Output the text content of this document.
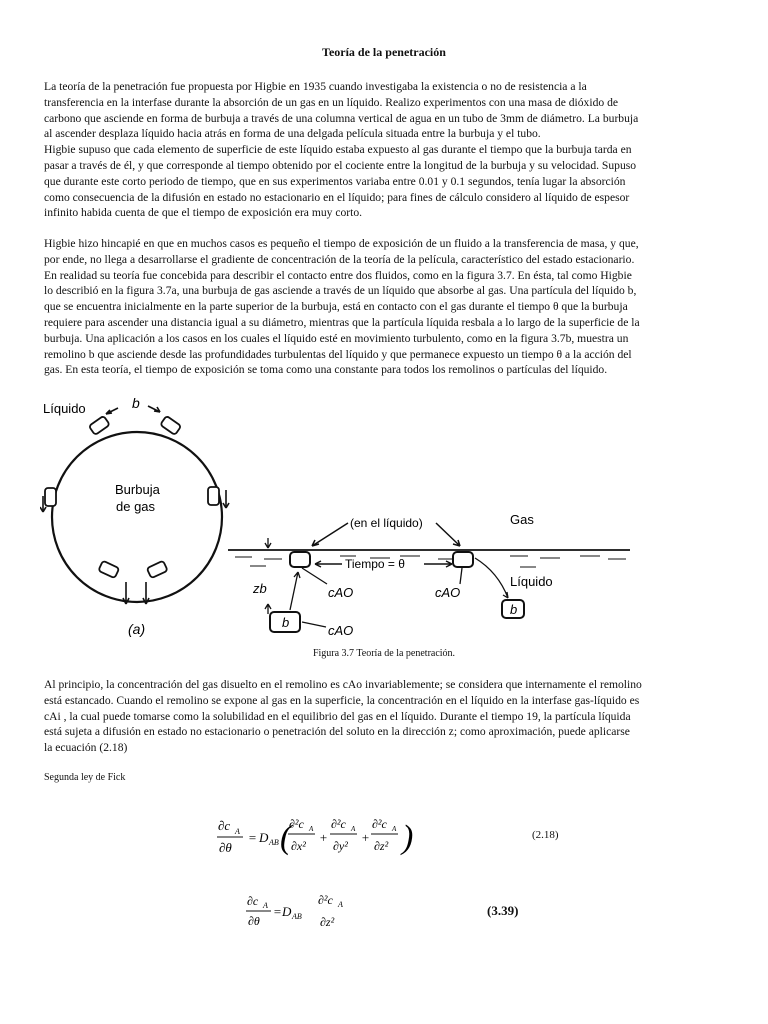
Teoría de la penetración

La teoría de la penetración fue propuesta por Higbie en 1935 cuando investigaba la existencia o no de resistencia a la
transferencia en la interfase durante la absorción de un gas en un líquido. Realizo experimentos con una masa de dióxido de
carbono que asciende en forma de burbuja a través de una columna vertical de agua en un tubo de 3mm de diámetro. La burbuja
al ascender desplaza líquido hacia atrás en forma de una delgada película situada entre la burbuja y el tubo.
Higbie supuso que cada elemento de superficie de este líquido estaba expuesto al gas durante el tiempo que la burbuja tarda en
pasar a través de él, y que corresponde al tiempo obtenido por el cociente entre la longitud de la burbuja y su velocidad. Supuso
que durante este corto periodo de tiempo, que en sus experimentos variaba entre 0.01 y 0.1 segundos, tenía lugar la absorción
como consecuencia de la difusión en estado no estacionario en el líquido; para fines de cálculo considero al líquido de espesor
infinito habida cuenta de que el tiempo de exposición era muy corto.

Higbie hizo hincapié en que en muchos casos es pequeño el tiempo de exposición de un fluido a la transferencia de masa, y que,
por ende, no llega a desarrollarse el gradiente de concentración de la teoría de la película, característico del estado estacionario.
En realidad su teoría fue concebida para describir el contacto entre dos fluidos, como en la figura 3.7. En ésta, tal como Higbie
lo describió en la figura 3.7a, una burbuja de gas asciende a través de un líquido que absorbe al gas. Una partícula del líquido b,
que se encuentra inicialmente en la parte superior de la burbuja, está en contacto con el gas durante el tiempo θ que la burbuja
requiere para ascender una distancia igual a su diámetro, mientras que la partícula líquida resbala a lo largo de la superficie de la
burbuja. Una aplicación a los casos en los cuales el líquido esté en movimiento turbulento, como en la figura 3.7b, muestra un
remolino b que asciende desde las profundidades turbulentas del líquido y que permanece expuesto un tiempo θ a la acción del
gas. En esta teoría, el tiempo de exposición se toma como una constante para todos los remolinos o partículas del líquido.

Líquido	b
Burbuja
de gas
(a)
Gas
(en el líquido)
Tiempo = θ
zb	cAO	cAO
Líquido
b
b
cAO
Figura 3.7 Teoría de la penetración.

Al principio, la concentración del gas disuelto en el remolino es cAo invariablemente; se considera que internamente el remolino
está estancado. Cuando el remolino se expone al gas en la superficie, la concentración en el líquido en la interfase gas-líquido es
cAi , la cual puede tomarse como la solubilidad en el equilibrio del gas en el líquido. Durante el tiempo 19, la partícula líquida
está sujeta a difusión en estado no estacionario o penetración del soluto en la dirección z; como aproximación, puede aplicarse
la ecuación (2.18)

Segunda ley de Fick
∂c A
∂θ
= D AB (
∂²c A
∂x²
+
∂²c A
∂y²
+
∂²c A
∂z² )	(2.18)
∂c A
∂θ
= D AB
∂²c A
∂z²
(3.39)
